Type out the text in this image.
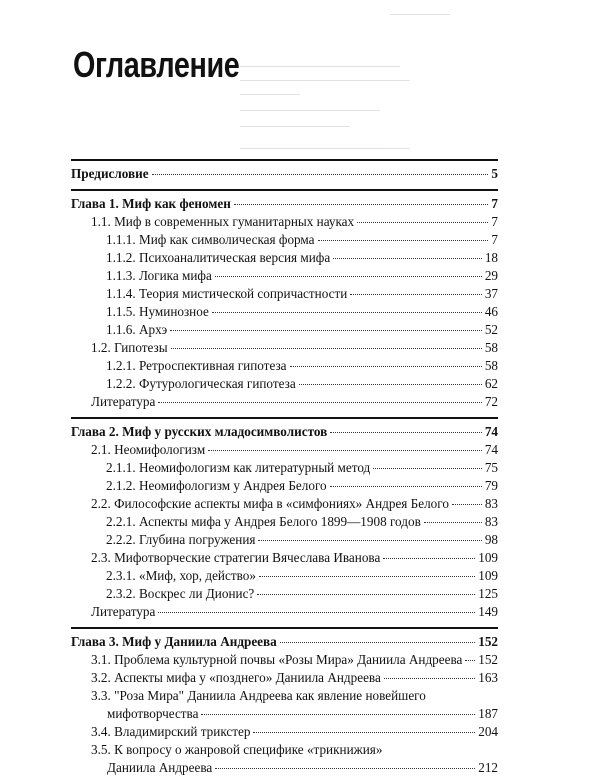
Оглавление
Предисловие	5
Глава 1. Миф как феномен	7
1.1. Миф в современных гуманитарных науках	7
1.1.1. Миф как символическая форма	7
1.1.2. Психоаналитическая версия мифа	18
1.1.3. Логика мифа	29
1.1.4. Теория мистической сопричастности	37
1.1.5. Нуминозное	46
1.1.6. Архэ	52
1.2. Гипотезы	58
1.2.1. Ретроспективная гипотеза	58
1.2.2. Футурологическая гипотеза	62
Литература	72
Глава 2. Миф у русских младосимволистов	74
2.1. Неомифологизм	74
2.1.1. Неомифологизм как литературный метод	75
2.1.2. Неомифологизм у Андрея Белого	79
2.2. Философские аспекты мифа в «симфониях» Андрея Белого	83
2.2.1. Аспекты мифа у Андрея Белого 1899—1908 годов	83
2.2.2. Глубина погружения	98
2.3. Мифотворческие стратегии Вячеслава Иванова	109
2.3.1. «Миф, хор, действо»	109
2.3.2. Воскрес ли Дионис?	125
Литература	149
Глава 3. Миф у Даниила Андреева	152
3.1. Проблема культурной почвы «Розы Мира» Даниила Андреева 152
3.2. Аспекты мифа у «позднего» Даниила Андреева	163
3.3. "Роза Мира" Даниила Андреева как явление новейшего
мифотворчества	187
3.4. Владимирский трикстер	204
3.5. К вопросу о жанровой специфике «трикнижия»
Даниила Андреева	212
